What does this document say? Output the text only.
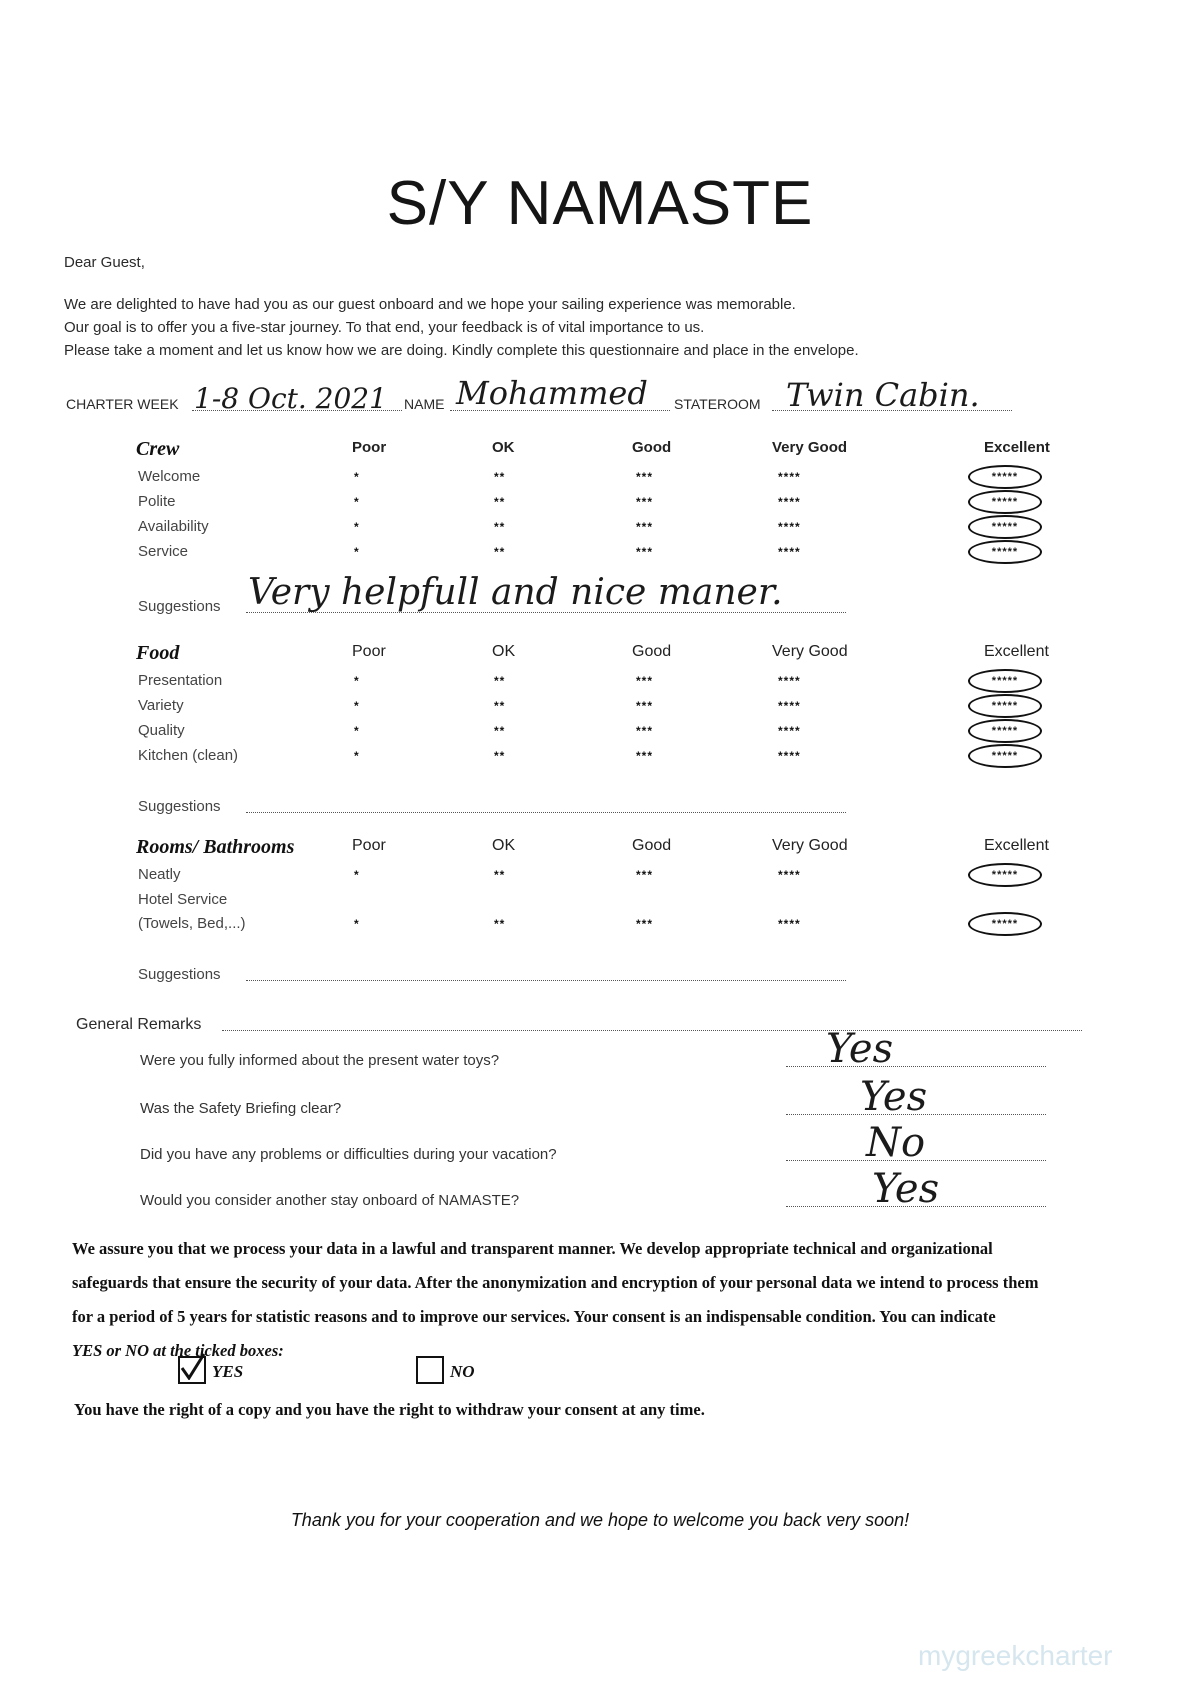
S/Y NAMASTE
Dear Guest,
We are delighted to have had you as our guest onboard and we hope your sailing experience was memorable.
Our goal is to offer you a five-star journey. To that end, your feedback is of vital importance to us.
Please take a moment and let us know how we are doing. Kindly complete this questionnaire and place in the envelope.
CHARTER WEEK 1-8 Oct. 2021 NAME Mohammed STATEROOM Twin Cabin.
Crew	Poor	OK	Good	Very Good	Excellent
Welcome	*	**	***	****	*****
Polite	*	**	***	****	*****
Availability	*	**	***	****	*****
Service	*	**	***	****	*****
Suggestions Very helpfull and nice maner.
Food	Poor	OK	Good	Very Good	Excellent
Presentation	*	**	***	****	*****
Variety	*	**	***	****	*****
Quality	*	**	***	****	*****
Kitchen (clean)	*	**	***	****	*****
Suggestions
Rooms/ Bathrooms	Poor	OK	Good	Very Good	Excellent
Neatly	*	**	***	****	*****
Hotel Service
(Towels, Bed,...)	*	**	***	****	*****
Suggestions
General Remarks
Were you fully informed about the present water toys?	Yes
Was the Safety Briefing clear?	Yes
Did you have any problems or difficulties during your vacation?	No
Would you consider another stay onboard of NAMASTE?	Yes
We assure you that we process your data in a lawful and transparent manner. We develop appropriate technical and organizational
safeguards that ensure the security of your data. After the anonymization and encryption of your personal data we intend to process them
for a period of 5 years for statistic reasons and to improve our services. Your consent is an indispensable condition. You can indicate
YES or NO at the ticked boxes:
YES	NO
You have the right of a copy and you have the right to withdraw your consent at any time.
Thank you for your cooperation and we hope to welcome you back very soon!
mygreekcharter
